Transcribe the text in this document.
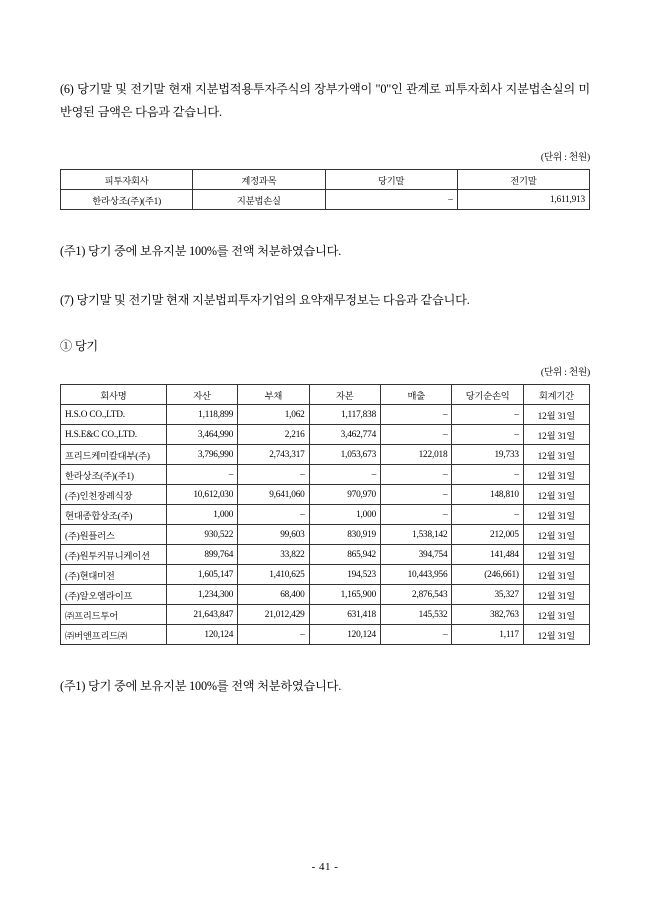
(6) 당기말 및 전기말 현재 지분법적용투자주식의 장부가액이 "0"인 관계로 피투자회사 지분법손실의 미반영된 금액은 다음과 같습니다.

(단위 : 천원)
피투자회사	계정과목	당기말	전기말
한라상조(주)(주1)	지분법손실	–	1,611,913

(주1) 당기 중에 보유지분 100%를 전액 처분하였습니다.

(7) 당기말 및 전기말 현재 지분법피투자기업의 요약재무정보는 다음과 같습니다.

① 당기

(단위 : 천원)
회사명	자산	부채	자본	매출	당기순손익	회계기간
H.S.O CO.,LTD.	1,118,899	1,062	1,117,838	–	–	12월 31일
H.S.E&C CO.,LTD.	3,464,990	2,216	3,462,774	–	–	12월 31일
프리드케미칼대부(주)	3,796,990	2,743,317	1,053,673	122,018	19,733	12월 31일
한라상조(주)(주1)	–	–	–	–	–	12월 31일
(주)인천장례식장	10,612,030	9,641,060	970,970	–	148,810	12월 31일
현대종합상조(주)	1,000	–	1,000	–	–	12월 31일
(주)원플러스	930,522	99,603	830,919	1,538,142	212,005	12월 31일
(주)원투커뮤니케이션	899,764	33,822	865,942	394,754	141,484	12월 31일
(주)현대미전	1,605,147	1,410,625	194,523	10,443,956	(246,661)	12월 31일
(주)알오엠라이프	1,234,300	68,400	1,165,900	2,876,543	35,327	12월 31일
㈜프리드투어	21,643,847	21,012,429	631,418	145,532	382,763	12월 31일
㈜버앤프리드㈜	120,124	–	120,124	–	1,117	12월 31일

(주1) 당기 중에 보유지분 100%를 전액 처분하였습니다.

- 41 -
